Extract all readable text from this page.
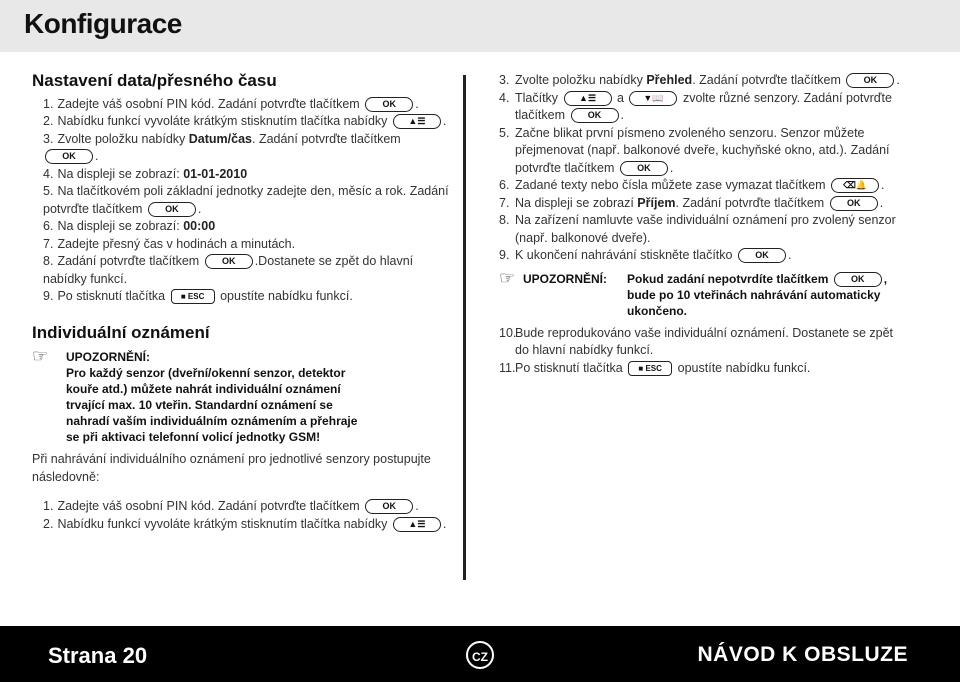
Konfigurace
Nastavení data/přesného času
1. Zadejte váš osobní PIN kód. Zadání potvrďte tlačítkem	OK .
2. Nabídku funkcí vyvoláte krátkým stisknutím tlačítka nabídky ▲☰ .
3. Zvolte položku nabídky Datum/čas. Zadání potvrďte tlačítkem
OK .
4. Na displeji se zobrazí: 01-01-2010
5. Na tlačítkovém poli základní jednotky zadejte den, měsíc a rok. Zadání potvrďte tlačítkem	OK .
6. Na displeji se zobrazí: 00:00
7. Zadejte přesný čas v hodinách a minutách.
8. Zadání potvrďte tlačítkem	OK .Dostanete se zpět do hlavní nabídky funkcí.
9. Po stisknutí tlačítka ■ ESC opustíte nabídku funkcí.
Individuální oznámení
☞ UPOZORNĚNÍ:Pro každý senzor (dveřní/okenní senzor, detektor kouře atd.) můžete nahrát individuální oznámení trvající max. 10 vteřin. Standardní oznámení se nahradí vaším individuálním oznámením a přehraje se při aktivaci telefonní volicí jednotky GSM!

Při nahrávání individuálního oznámení pro jednotlivé senzory postupujte následovně:

1. Zadejte váš osobní PIN kód. Zadání potvrďte tlačítkem	OK .
2. Nabídku funkcí vyvoláte krátkým stisknutím tlačítka nabídky ▲☰ .
3. Zvolte položku nabídky Přehled. Zadání potvrďte tlačítkem	OK .
4. Tlačítky ▲☰ a ▼📖 zvolte různé senzory. Zadání potvrďte tlačítkem	OK .
5. Začne blikat první písmeno zvoleného senzoru. Senzor můžete přejmenovat (např. balkonové dveře, kuchyňské okno, atd.). Zadání potvrďte tlačítkem	OK .
6. Zadané texty nebo čísla můžete zase vymazat tlačítkem ⌫🔔 .
7. Na displeji se zobrazí Příjem. Zadání potvrďte tlačítkem	OK .
8. Na zařízení namluvte vaše individuální oznámení pro zvolený senzor (např. balkonové dveře).
9. K ukončení nahrávání stiskněte tlačítko	OK .
☞ UPOZORNĚNÍ: Pokud zadání nepotvrdíte tlačítkem	OK , bude po 10 vteřinách nahrávání automaticky ukončeno.
10.
Bude reprodukováno vaše individuální oznámení. Dostanete se zpět do hlavní nabídky funkcí.
11. Po stisknutí tlačítka ■ ESC opustíte nabídku funkcí.
Strana 20	CZ	NÁVOD K OBSLUZE
